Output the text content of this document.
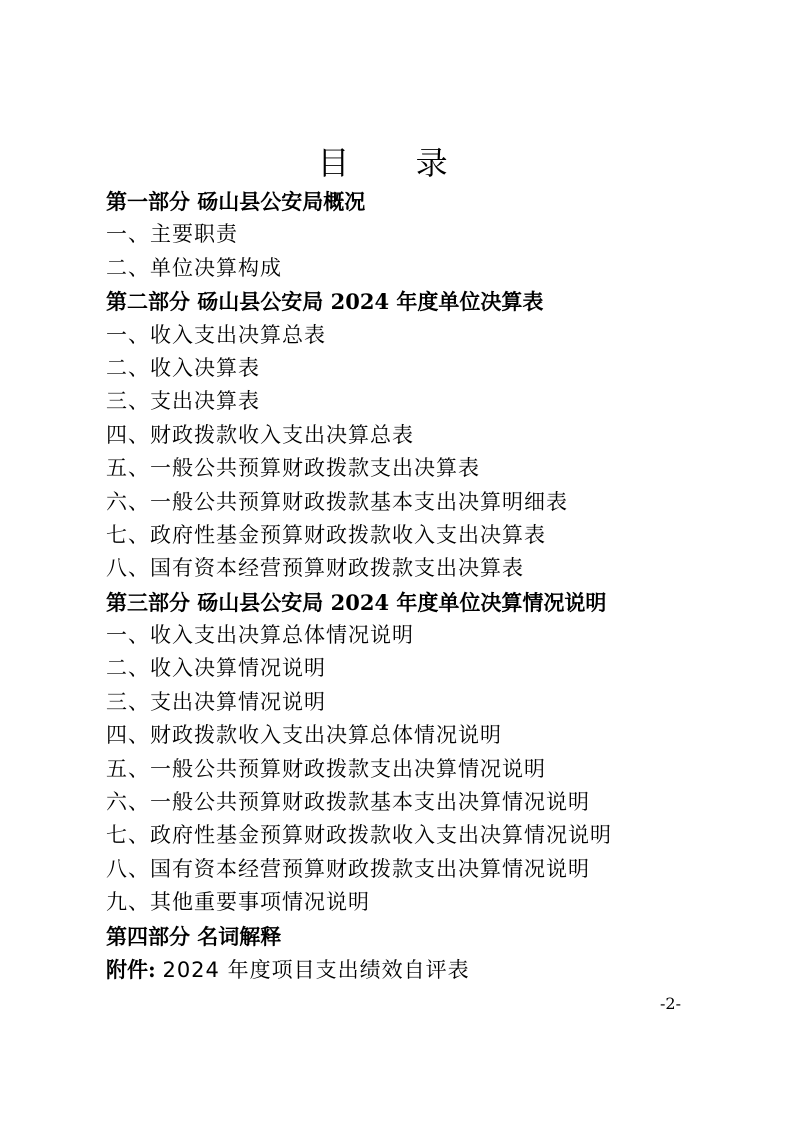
目 录
第一部分 砀山县公安局概况
一、主要职责
二、单位决算构成
第二部分 砀山县公安局 2024 年度单位决算表
一、收入支出决算总表
二、收入决算表
三、支出决算表
四、财政拨款收入支出决算总表
五、一般公共预算财政拨款支出决算表
六、一般公共预算财政拨款基本支出决算明细表
七、政府性基金预算财政拨款收入支出决算表
八、国有资本经营预算财政拨款支出决算表
第三部分 砀山县公安局 2024 年度单位决算情况说明
一、收入支出决算总体情况说明
二、收入决算情况说明
三、支出决算情况说明
四、财政拨款收入支出决算总体情况说明
五、一般公共预算财政拨款支出决算情况说明
六、一般公共预算财政拨款基本支出决算情况说明
七、政府性基金预算财政拨款收入支出决算情况说明
八、国有资本经营预算财政拨款支出决算情况说明
九、其他重要事项情况说明
第四部分 名词解释
附件: 2024 年度项目支出绩效自评表
-2-
